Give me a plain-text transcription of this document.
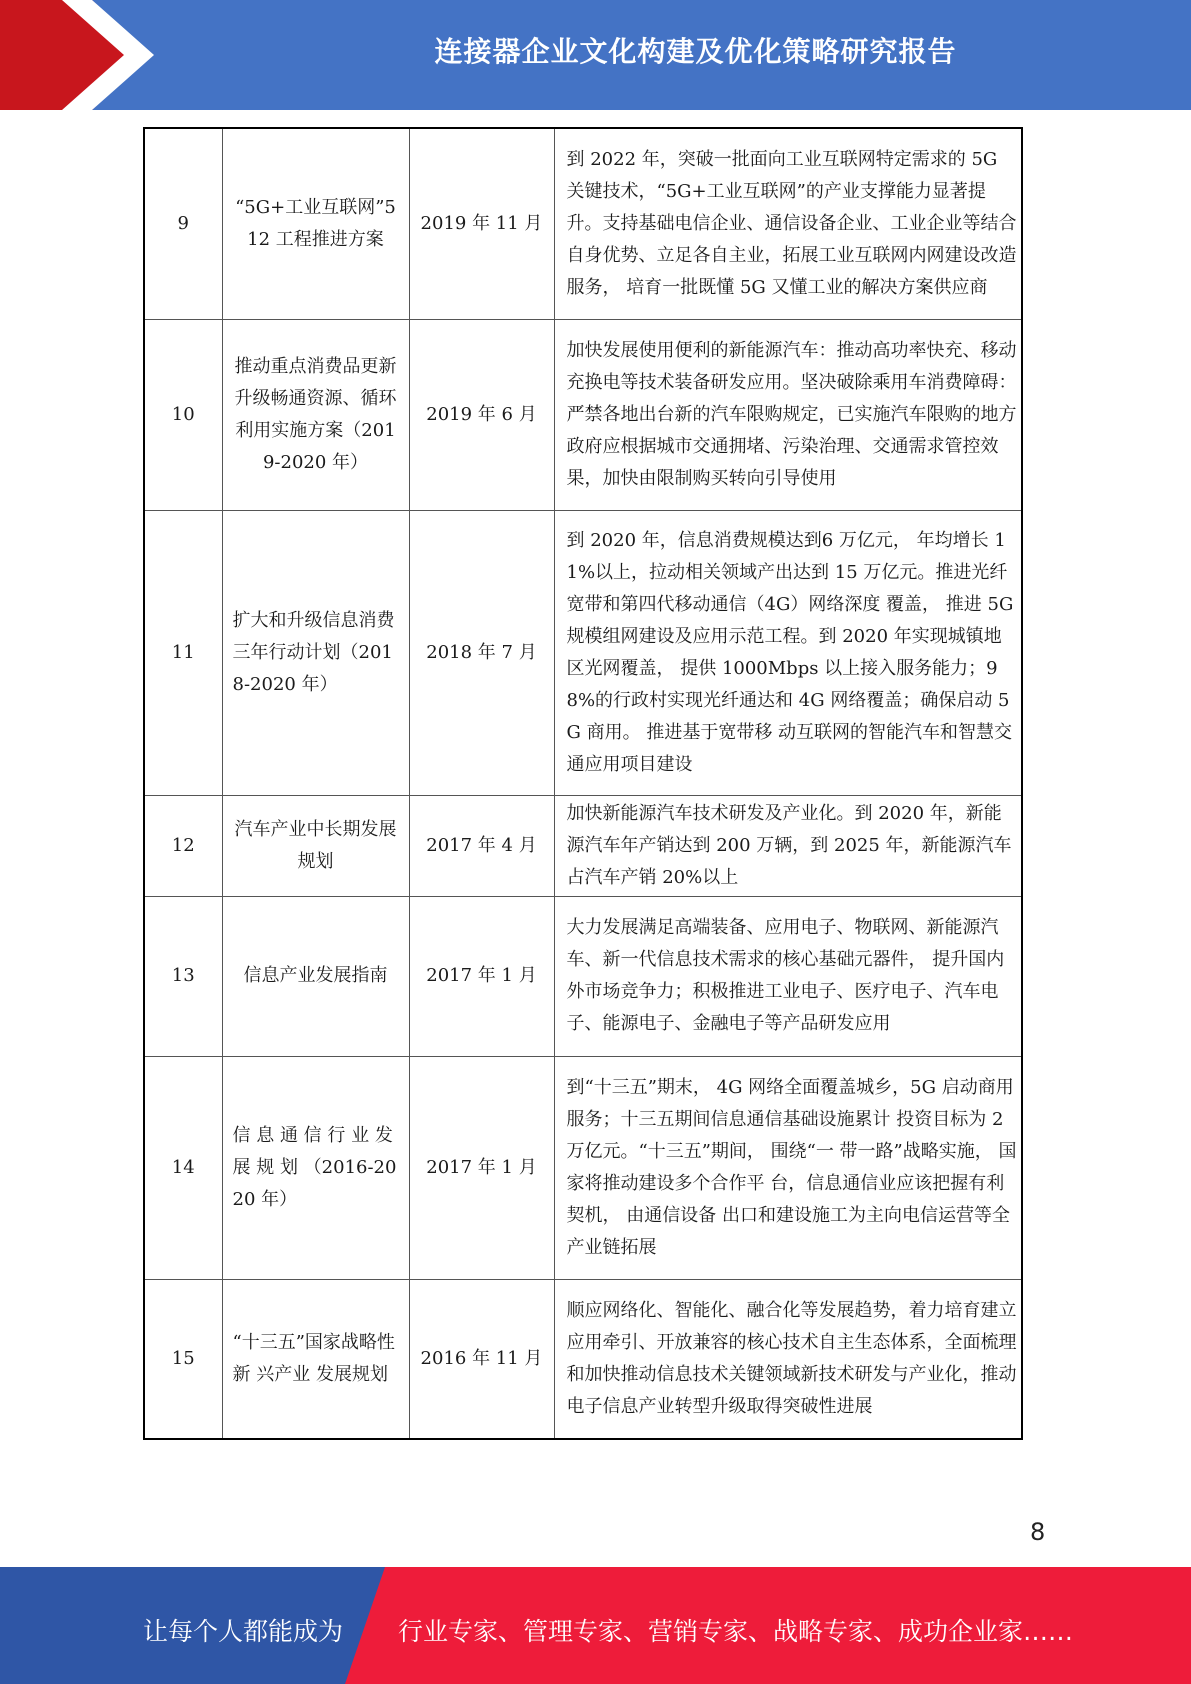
连接器企业文化构建及优化策略研究报告
9	“5G+工业互联网”512 工程推进方案	2019 年 11 月	到 2022 年，突破一批面向工业互联网特定需求的 5G 关键技术，“5G+工业互联网”的产业支撑能力显著提升。支持基础电信企业、通信设备企业、工业企业等结合自身优势、立足各自主业，拓展工业互联网内网建设改造服务， 培育一批既懂 5G 又懂工业的解决方案供应商
10	推动重点消费品更新升级畅通资源、循环利用实施方案（2019-2020 年）	2019 年 6 月	加快发展使用便利的新能源汽车：推动高功率快充、移动充换电等技术装备研发应用。坚决破除乘用车消费障碍：严禁各地出台新的汽车限购规定，已实施汽车限购的地方政府应根据城市交通拥堵、污染治理、交通需求管控效果，加快由限制购买转向引导使用
11	扩大和升级信息消费三年行动计划（2018-2020 年）	2018 年 7 月	到 2020 年，信息消费规模达到6 万亿元， 年均增长 11%以上，拉动相关领域产出达到 15 万亿元。推进光纤宽带和第四代移动通信（4G）网络深度 覆盖， 推进 5G 规模组网建设及应用示范工程。到 2020 年实现城镇地区光网覆盖， 提供 1000Mbps 以上接入服务能力；98%的行政村实现光纤通达和 4G 网络覆盖；确保启动 5G 商用。 推进基于宽带移 动互联网的智能汽车和智慧交通应用项目建设
12	汽车产业中长期发展规划	2017 年 4 月	加快新能源汽车技术研发及产业化。到 2020 年，新能源汽车年产销达到 200 万辆，到 2025 年，新能源汽车占汽车产销 20%以上
13	信息产业发展指南	2017 年 1 月	大力发展满足高端装备、应用电子、物联网、新能源汽车、新一代信息技术需求的核心基础元器件， 提升国内外市场竞争力；积极推进工业电子、医疗电子、汽车电子、能源电子、金融电子等产品研发应用
14	信 息 通 信 行 业 发 展 规 划 （2016-2020 年）	2017 年 1 月	到“十三五”期末， 4G 网络全面覆盖城乡，5G 启动商用服务；十三五期间信息通信基础设施累计 投资目标为 2 万亿元。“十三五”期间， 围绕“一 带一路”战略实施， 国家将推动建设多个合作平 台，信息通信业应该把握有利契机， 由通信设备 出口和建设施工为主向电信运营等全产业链拓展
15	“十三五”国家战略性新 兴产业 发展规划	2016 年 11 月	顺应网络化、智能化、融合化等发展趋势，着力培育建立应用牵引、开放兼容的核心技术自主生态体系，全面梳理和加快推动信息技术关键领域新技术研发与产业化，推动电子信息产业转型升级取得突破性进展
8
让每个人都能成为 行业专家、管理专家、营销专家、战略专家、成功企业家……
